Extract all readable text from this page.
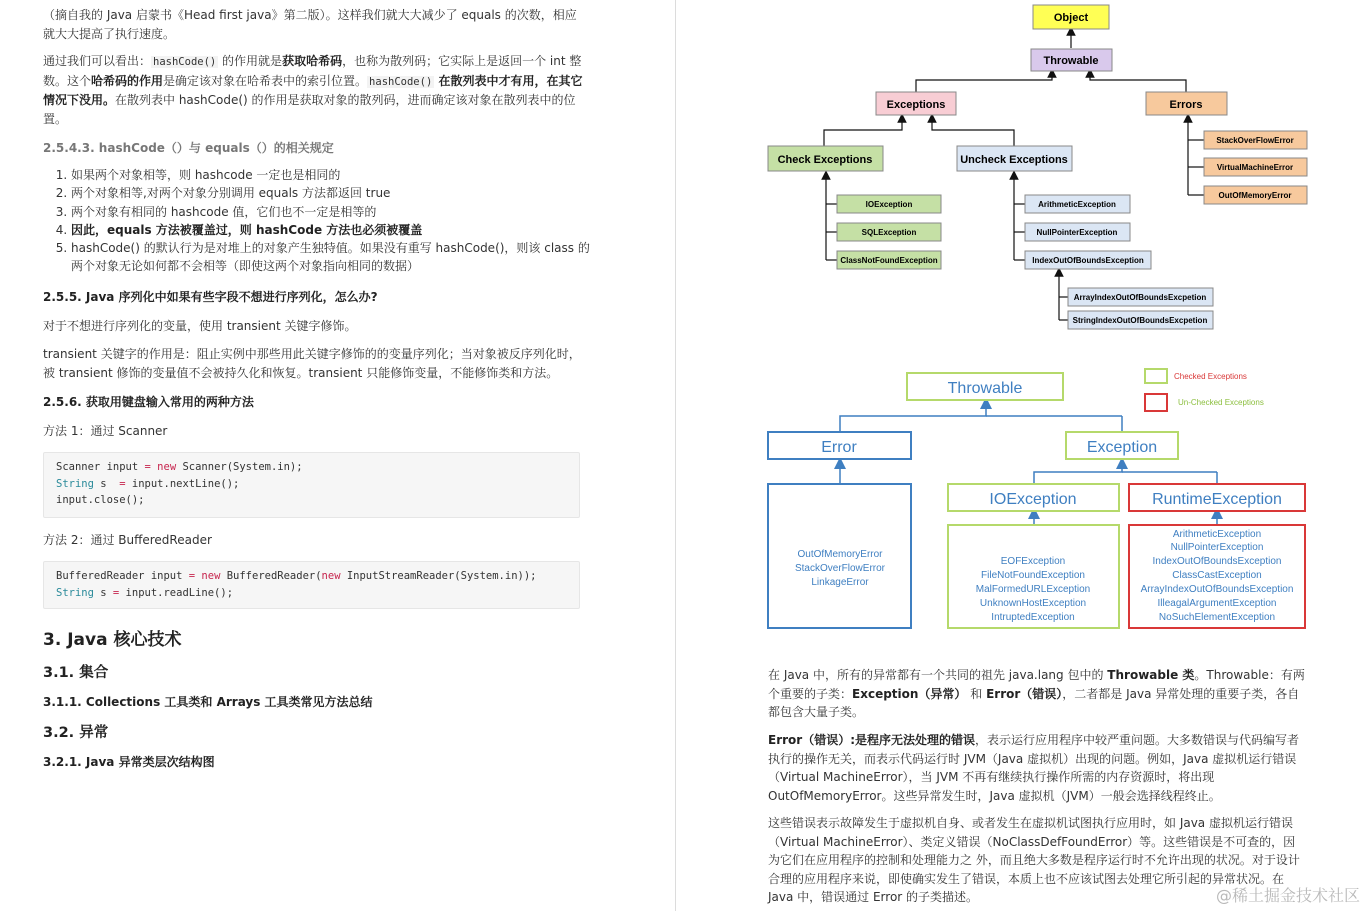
（摘自我的 Java 启蒙书《Head first java》第二版）。这样我们就大大减少了 equals 的次数，相应就大大提高了执行速度。

通过我们可以看出： hashCode() 的作用就是获取哈希码，也称为散列码；它实际上是返回一个 int 整数。这个哈希码的作用是确定该对象在哈希表中的索引位置。 hashCode() 在散列表中才有用，在其它情况下没用。在散列表中 hashCode() 的作用是获取对象的散列码，进而确定该对象在散列表中的位置。

2.5.4.3. hashCode（）与 equals（）的相关规定

1. 如果两个对象相等，则 hashcode 一定也是相同的
2. 两个对象相等,对两个对象分别调用 equals 方法都返回 true
3. 两个对象有相同的 hashcode 值，它们也不一定是相等的
4. 因此，equals 方法被覆盖过，则 hashCode 方法也必须被覆盖
5. hashCode() 的默认行为是对堆上的对象产生独特值。如果没有重写 hashCode()，则该 class 的两个对象无论如何都不会相等（即使这两个对象指向相同的数据）

2.5.5. Java 序列化中如果有些字段不想进行序列化，怎么办?

对于不想进行序列化的变量，使用 transient 关键字修饰。

transient 关键字的作用是：阻止实例中那些用此关键字修饰的的变量序列化；当对象被反序列化时，被 transient 修饰的变量值不会被持久化和恢复。transient 只能修饰变量，不能修饰类和方法。

2.5.6. 获取用键盘输入常用的两种方法

方法 1：通过 Scanner

Scanner input = new Scanner(System.in);
String s  = input.nextLine();
input.close();

方法 2：通过 BufferedReader

BufferedReader input = new BufferedReader(new InputStreamReader(System.in));
String s = input.readLine();

3. Java 核心技术

3.1. 集合

3.1.1. Collections 工具类和 Arrays 工具类常见方法总结

3.2. 异常

3.2.1. Java 异常类层次结构图

Object
Throwable
Exceptions	Errors
Check Exceptions	Uncheck Exceptions
IOException
SQLException
ClassNotFoundException
ArithmeticException
NullPointerException
IndexOutOfBoundsException
ArrayIndexOutOfBoundsExcpetion
StringIndexOutOfBoundsExcpetion
StackOverFlowError
VirtualMachineError
OutOfMemoryError
Throwable
Checked Exceptions
Un-Checked Exceptions
Error	Exception
OutOfMemoryError
StackOverFlowError
LinkageError
IOException	RuntimeException
EOFException
FileNotFoundException
MalFormedURLException
UnknownHostException
IntruptedException
ArithmeticException
NullPointerException
IndexOutOfBoundsException
ClassCastException
ArrayIndexOutOfBoundsException
IlleagalArgumentException
NoSuchElementException

在 Java 中，所有的异常都有一个共同的祖先 java.lang 包中的 Throwable 类。Throwable：有两个重要的子类：Exception（异常） 和 Error（错误），二者都是 Java 异常处理的重要子类，各自都包含大量子类。

Error（错误）:是程序无法处理的错误，表示运行应用程序中较严重问题。大多数错误与代码编写者执行的操作无关，而表示代码运行时 JVM（Java 虚拟机）出现的问题。例如，Java 虚拟机运行错误（Virtual MachineError），当 JVM 不再有继续执行操作所需的内存资源时，将出现 OutOfMemoryError。这些异常发生时，Java 虚拟机（JVM）一般会选择线程终止。

这些错误表示故障发生于虚拟机自身、或者发生在虚拟机试图执行应用时，如 Java 虚拟机运行错误（Virtual MachineError）、类定义错误（NoClassDefFoundError）等。这些错误是不可查的，因为它们在应用程序的控制和处理能力之 外，而且绝大多数是程序运行时不允许出现的状况。对于设计合理的应用程序来说，即使确实发生了错误，本质上也不应该试图去处理它所引起的异常状况。在 Java 中，错误通过 Error 的子类描述。	@稀土掘金技术社区
